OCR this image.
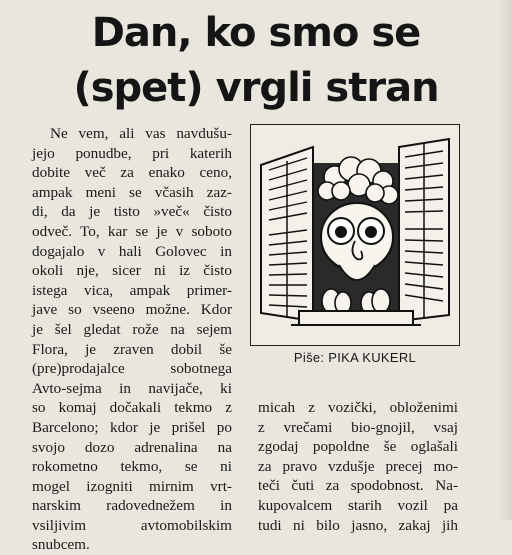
Dan, ko smo se
(spet) vrgli stran

Ne vem, ali vas navdušu-
jejo ponudbe, pri katerih
dobite več za enako ceno,
ampak meni se včasih zaz-
di, da je tisto »več« čisto
odveč. To, kar se je v soboto
dogajalo v hali Golovec in
okoli nje, sicer ni iz čisto
istega vica, ampak primer-
jave so vseeno možne. Kdor
je šel gledat rože na sejem
Flora, je zraven dobil še
(pre)prodajalce sobotnega
Avto-sejma in navijače, ki
so komaj dočakali tekmo z
Barcelono; kdor je prišel po
svojo dozo adrenalina na
rokometno tekmo, se ni
mogel izogniti mirnim vrt-
narskim radovednežem in
vsiljivim avtomobilskim
snubcem.

Piše: PIKA KUKERL

micah z vozički, obloženimi
z vrečami bio-gnojil, vsaj
zgodaj popoldne še oglašali
za pravo vzdušje precej mo-
teči čuti za spodobnost. Na-
kupovalcem starih vozil pa
tudi ni bilo jasno, zakaj jih
